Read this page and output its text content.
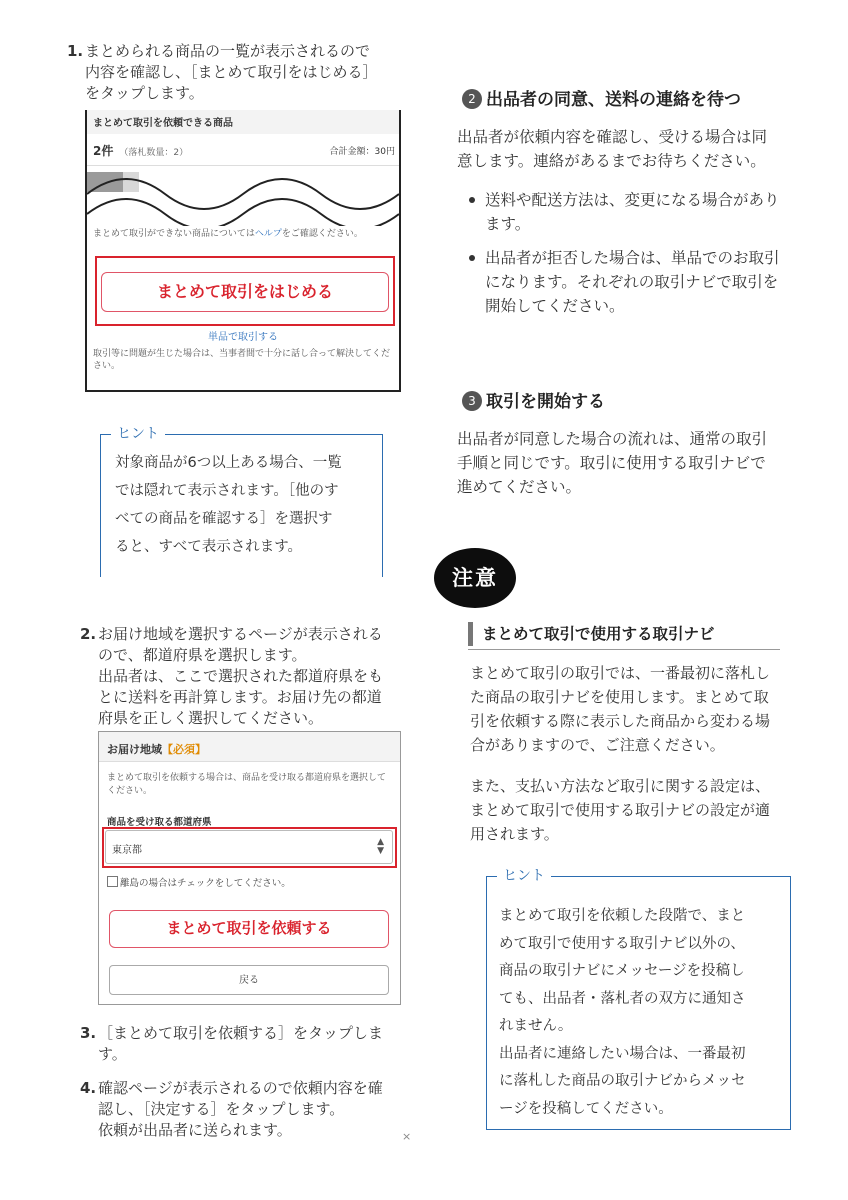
1. まとめられる商品の一覧が表示されるので

内容を確認し、［まとめて取引をはじめる］

をタップします。

まとめて取引を依頼できる商品
2件 （落札数量：2）	合計金額：30円
まとめて取引ができない商品についてはヘルプをご確認ください。
まとめて取引をはじめる
単品で取引する
取引等に問題が生じた場合は、当事者間で十分に話し合って解決してください。
ヒント
対象商品が6つ以上ある場合、一覧
では隠れて表示されます。［他のす
べての商品を確認する］を選択す
ると、すべて表示されます。
2. お届け地域を選択するページが表示される

ので、都道府県を選択します。

出品者は、ここで選択された都道府県をも

とに送料を再計算します。お届け先の都道

府県を正しく選択してください。

お届け地域【必須】
まとめて取引を依頼する場合は、商品を受け取る都道府県を選択してください。
商品を受け取る都道府県
東京都
▲
▼
離島の場合はチェックをしてください。
まとめて取引を依頼する
戻る
3. ［まとめて取引を依頼する］をタップしま

す。

4. 確認ページが表示されるので依頼内容を確

認し、［決定する］をタップします。

依頼が出品者に送られます。	×
2 出品者の同意、送料の連絡を待つ
出品者が依頼内容を確認し、受ける場合は同
意します。連絡があるまでお待ちください。
送料や配送方法は、変更になる場合があり
ます。
出品者が拒否した場合は、単品でのお取引
になります。それぞれの取引ナビで取引を
開始してください。
3 取引を開始する
出品者が同意した場合の流れは、通常の取引
手順と同じです。取引に使用する取引ナビで
進めてください。
注意
まとめて取引で使用する取引ナビ
まとめて取引の取引では、一番最初に落札し
た商品の取引ナビを使用します。まとめて取
引を依頼する際に表示した商品から変わる場
合がありますので、ご注意ください。
また、支払い方法など取引に関する設定は、
まとめて取引で使用する取引ナビの設定が適
用されます。
ヒント
まとめて取引を依頼した段階で、まと
めて取引で使用する取引ナビ以外の、
商品の取引ナビにメッセージを投稿し
ても、出品者・落札者の双方に通知さ
れません。
出品者に連絡したい場合は、一番最初
に落札した商品の取引ナビからメッセ
ージを投稿してください。
